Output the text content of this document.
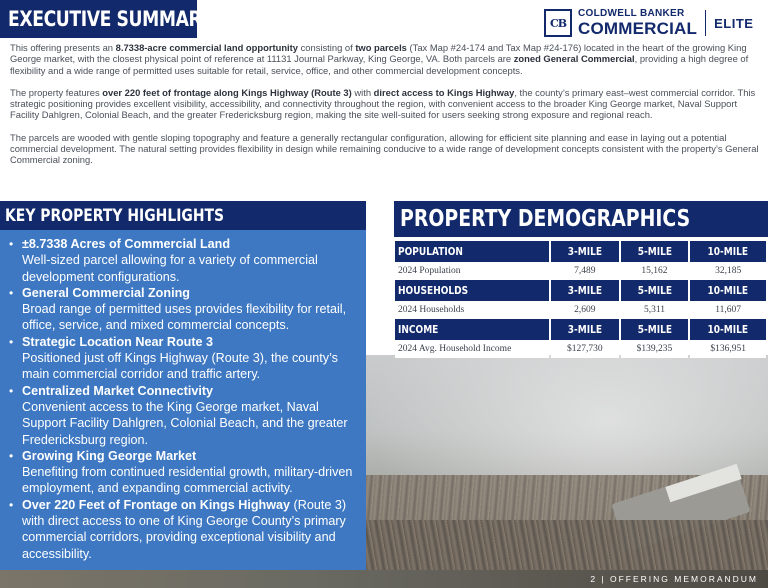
EXECUTIVE SUMMARY	CB
COLDWELL BANKER
COMMERCIAL ELITE

This offering presents an 8.7338-acre commercial land opportunity consisting of two parcels (Tax Map #24-174 and Tax Map #24-176) located in the heart of the growing King George market, with the closest physical point of reference at 11131 Journal Parkway, King George, VA. Both parcels are zoned General Commercial, providing a high degree of flexibility and a wide range of permitted uses suitable for retail, service, office, and other commercial development concepts.

The property features over 220 feet of frontage along Kings Highway (Route 3) with direct access to Kings Highway, the county’s primary east–west commercial corridor. This strategic positioning provides excellent visibility, accessibility, and connectivity throughout the region, with convenient access to the broader King George market, Naval Support Facility Dahlgren, Colonial Beach, and the greater Fredericksburg region, making the site well-suited for users seeking strong exposure and regional reach.

The parcels are wooded with gentle sloping topography and feature a generally rectangular configuration, allowing for efficient site planning and ease in laying out a potential commercial development. The natural setting provides flexibility in design while remaining conducive to a wide range of development concepts consistent with the property’s General Commercial zoning.

KEY PROPERTY HIGHLIGHTS
• ±8.7338 Acres of Commercial Land
Well-sized parcel allowing for a variety of commercial development configurations.
• General Commercial Zoning
Broad range of permitted uses provides flexibility for retail, office, service, and mixed commercial concepts.
• Strategic Location Near Route 3
Positioned just off Kings Highway (Route 3), the county’s main commercial corridor and traffic artery.
• Centralized Market Connectivity
Convenient access to the King George market, Naval Support Facility Dahlgren, Colonial Beach, and the greater Fredericksburg region.
• Growing King George Market
Benefiting from continued residential growth, military-driven employment, and expanding commercial activity.
• Over 220 Feet of Frontage on Kings Highway (Route 3)
with direct access to one of King George County’s primary commercial corridors, providing exceptional visibility and accessibility.
PROPERTY DEMOGRAPHICS
POPULATION	3-MILE	5-MILE	10-MILE
2024 Population	7,489	15,162	32,185
HOUSEHOLDS	3-MILE	5-MILE	10-MILE
2024 Households	2,609	5,311	11,607
INCOME	3-MILE	5-MILE	10-MILE
2024 Avg. Household Income	$127,730	$139,235	$136,951
2 | OFFERING MEMORANDUM
